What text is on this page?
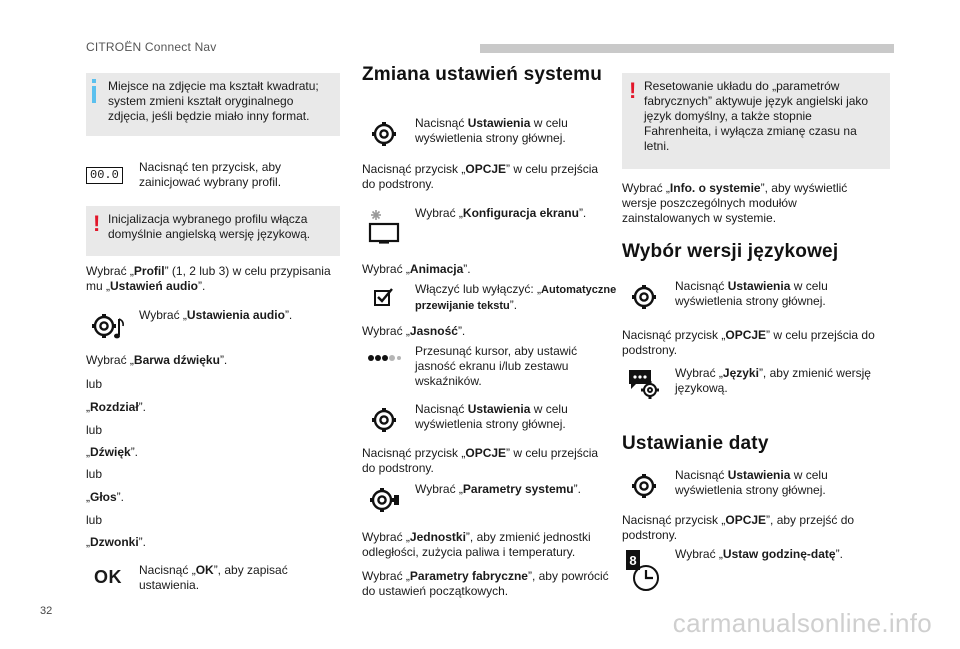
CITROËN Connect Nav
Miejsce na zdjęcie ma kształt kwadratu; system zmieni kształt oryginalnego zdjęcia, jeśli będzie miało inny format.
00.0
Nacisnąć ten przycisk, aby zainicjować wybrany profil.
! Inicjalizacja wybranego profilu włącza domyślnie angielską wersję językową.
Wybrać „Profil” (1, 2 lub 3) w celu przypisania mu „Ustawień audio”.
Wybrać „Ustawienia audio”.
Wybrać „Barwa dźwięku”.
lub
„Rozdział”.
lub
„Dźwięk”.
lub
„Głos”.
lub
„Dzwonki”.
OK Nacisnąć „OK”, aby zapisać ustawienia.
Zmiana ustawień systemu
Nacisnąć Ustawienia w celu wyświetlenia strony głównej.
Nacisnąć przycisk „OPCJE” w celu przejścia do podstrony.
Wybrać „Konfiguracja ekranu”.
Wybrać „Animacja”.
Włączyć lub wyłączyć: „Automatyczne przewijanie tekstu”.
Wybrać „Jasność”.
Przesunąć kursor, aby ustawić jasność ekranu i/lub zestawu wskaźników.
Nacisnąć Ustawienia w celu wyświetlenia strony głównej.
Nacisnąć przycisk „OPCJE” w celu przejścia do podstrony.
Wybrać „Parametry systemu”.
Wybrać „Jednostki”, aby zmienić jednostki odległości, zużycia paliwa i temperatury.
Wybrać „Parametry fabryczne”, aby powrócić do ustawień początkowych.
! Resetowanie układu do „parametrów fabrycznych” aktywuje język angielski jako język domyślny, a także stopnie Fahrenheita, i wyłącza zmianę czasu na letni.
Wybrać „Info. o systemie”, aby wyświetlić wersje poszczególnych modułów zainstalowanych w systemie.
Wybór wersji językowej
Nacisnąć Ustawienia w celu wyświetlenia strony głównej.
Nacisnąć przycisk „OPCJE” w celu przejścia do podstrony.
Wybrać „Języki”, aby zmienić wersję językową.
Ustawianie daty
Nacisnąć Ustawienia w celu wyświetlenia strony głównej.
Nacisnąć przycisk „OPCJE”, aby przejść do podstrony.
8	Wybrać „Ustaw godzinę-datę”.
32	carmanualsonline.info
